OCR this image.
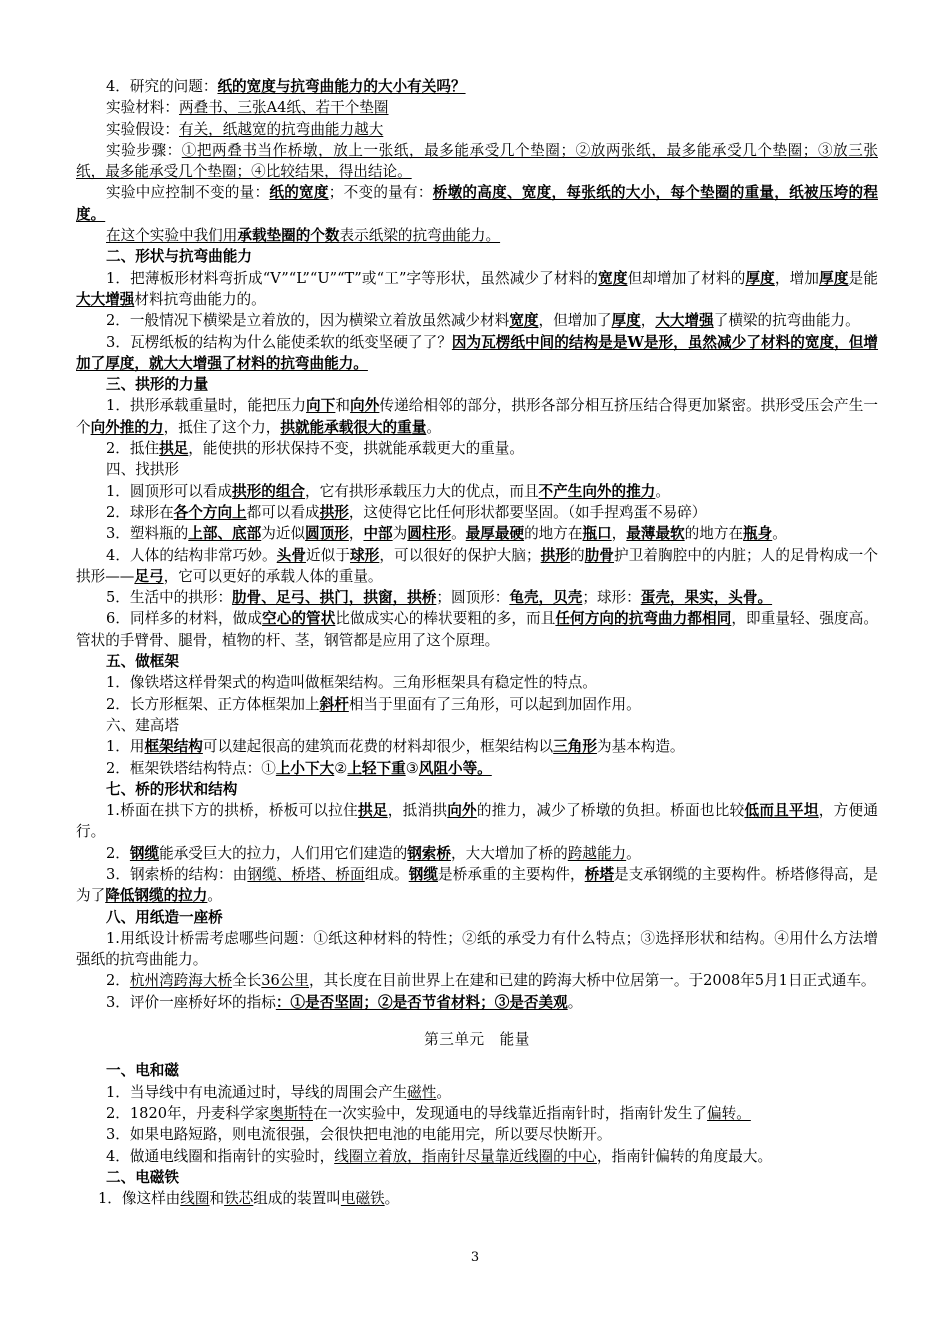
4．研究的问题：纸的宽度与抗弯曲能力的大小有关吗？

实验材料：两叠书、三张A4纸、若干个垫圈

实验假设：有关，纸越宽的抗弯曲能力越大

实验步骤：①把两叠书当作桥墩，放上一张纸，最多能承受几个垫圈；②放两张纸，最多能承受几个垫圈；③放三张纸，最多能承受几个垫圈；④比较结果，得出结论。

实验中应控制不变的量：纸的宽度；不变的量有：桥墩的高度、宽度，每张纸的大小，每个垫圈的重量，纸被压垮的程度。

在这个实验中我们用承载垫圈的个数表示纸梁的抗弯曲能力。

二、形状与抗弯曲能力

1．把薄板形材料弯折成“V”“L”“U”“T”或“工”字等形状，虽然减少了材料的宽度但却增加了材料的厚度，增加厚度是能大大增强材料抗弯曲能力的。

2．一般情况下横梁是立着放的，因为横梁立着放虽然减少材料宽度，但增加了厚度，大大增强了横梁的抗弯曲能力。

3．瓦楞纸板的结构为什么能使柔软的纸变坚硬了了？因为瓦楞纸中间的结构是是W是形，虽然减少了材料的宽度，但增加了厚度，就大大增强了材料的抗弯曲能力。

三、拱形的力量

1．拱形承载重量时，能把压力向下和向外传递给相邻的部分，拱形各部分相互挤压结合得更加紧密。拱形受压会产生一个向外推的力，抵住了这个力，拱就能承载很大的重量。

2．抵住拱足，能使拱的形状保持不变，拱就能承载更大的重量。

四、找拱形

1．圆顶形可以看成拱形的组合，它有拱形承载压力大的优点，而且不产生向外的推力。

2．球形在各个方向上都可以看成拱形，这使得它比任何形状都要坚固。（如手捏鸡蛋不易碎）

3．塑料瓶的上部、底部为近似圆顶形，中部为圆柱形。最厚最硬的地方在瓶口，最薄最软的地方在瓶身。

4．人体的结构非常巧妙。头骨近似于球形，可以很好的保护大脑；拱形的肋骨护卫着胸腔中的内脏；人的足骨构成一个拱形——足弓，它可以更好的承载人体的重量。

5．生活中的拱形：肋骨、足弓、拱门，拱窗，拱桥；圆顶形：龟壳，贝壳；球形：蛋壳，果实，头骨。

6．同样多的材料，做成空心的管状比做成实心的棒状要粗的多，而且任何方向的抗弯曲力都相同，即重量轻、强度高。管状的手臂骨、腿骨，植物的杆、茎，钢管都是应用了这个原理。

五、做框架

1．像铁塔这样骨架式的构造叫做框架结构。三角形框架具有稳定性的特点。

2．长方形框架、正方体框架加上斜杆相当于里面有了三角形，可以起到加固作用。

六、建高塔

1．用框架结构可以建起很高的建筑而花费的材料却很少，框架结构以三角形为基本构造。

2．框架铁塔结构特点：①上小下大②上轻下重③风阻小等。

七、桥的形状和结构

1.桥面在拱下方的拱桥，桥板可以拉住拱足，抵消拱向外的推力，减少了桥墩的负担。桥面也比较低而且平坦，方便通行。

2．钢缆能承受巨大的拉力，人们用它们建造的钢索桥，大大增加了桥的跨越能力。

3．钢索桥的结构：由钢缆、桥塔、桥面组成。钢缆是桥承重的主要构件，桥塔是支承钢缆的主要构件。桥塔修得高，是为了降低钢缆的拉力。

八、用纸造一座桥

1.用纸设计桥需考虑哪些问题：①纸这种材料的特性；②纸的承受力有什么特点；③选择形状和结构。④用什么方法增强纸的抗弯曲能力。

2．杭州湾跨海大桥全长36公里，其长度在目前世界上在建和已建的跨海大桥中位居第一。于2008年5月1日正式通车。

3．评价一座桥好坏的指标：①是否坚固；②是否节省材料；③是否美观。

第三单元　能量

一、电和磁

1．当导线中有电流通过时，导线的周围会产生磁性。

2．1820年，丹麦科学家奥斯特在一次实验中，发现通电的导线靠近指南针时，指南针发生了偏转。

3．如果电路短路，则电流很强，会很快把电池的电能用完，所以要尽快断开。

4．做通电线圈和指南针的实验时，线圈立着放，指南针尽量靠近线圈的中心，指南针偏转的角度最大。

二、电磁铁

1．像这样由线圈和铁芯组成的装置叫电磁铁。

3
